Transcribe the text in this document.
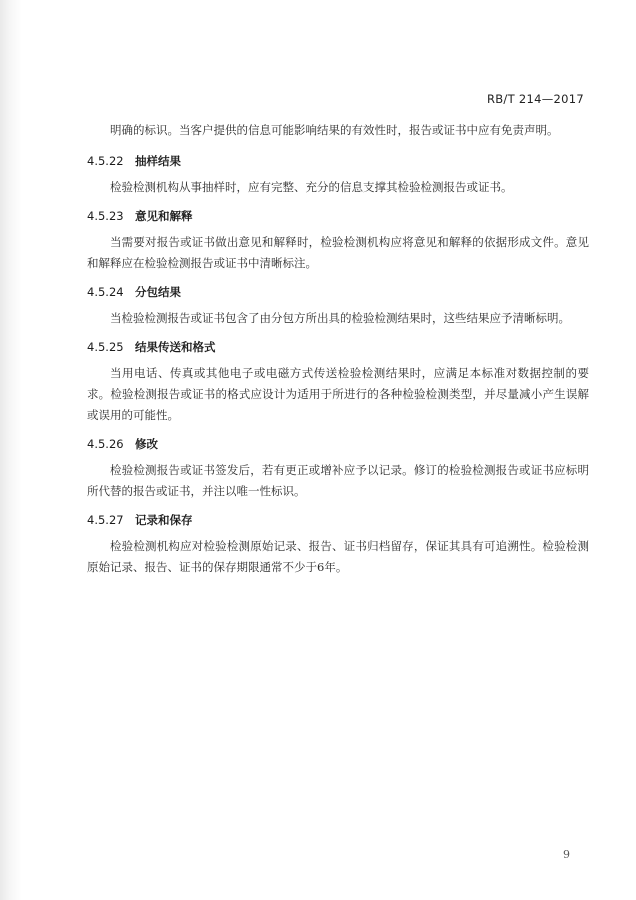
RB/T 214—2017

明确的标识。当客户提供的信息可能影响结果的有效性时，报告或证书中应有免责声明。

4.5.22 抽样结果

检验检测机构从事抽样时，应有完整、充分的信息支撑其检验检测报告或证书。

4.5.23 意见和解释

当需要对报告或证书做出意见和解释时，检验检测机构应将意见和解释的依据形成文件。意见和解释应在检验检测报告或证书中清晰标注。

4.5.24 分包结果

当检验检测报告或证书包含了由分包方所出具的检验检测结果时，这些结果应予清晰标明。

4.5.25 结果传送和格式

当用电话、传真或其他电子或电磁方式传送检验检测结果时，应满足本标准对数据控制的要求。检验检测报告或证书的格式应设计为适用于所进行的各种检验检测类型，并尽量减小产生误解或误用的可能性。

4.5.26 修改

检验检测报告或证书签发后，若有更正或增补应予以记录。修订的检验检测报告或证书应标明所代替的报告或证书，并注以唯一性标识。

4.5.27 记录和保存

检验检测机构应对检验检测原始记录、报告、证书归档留存，保证其具有可追溯性。检验检测原始记录、报告、证书的保存期限通常不少于6年。

9
